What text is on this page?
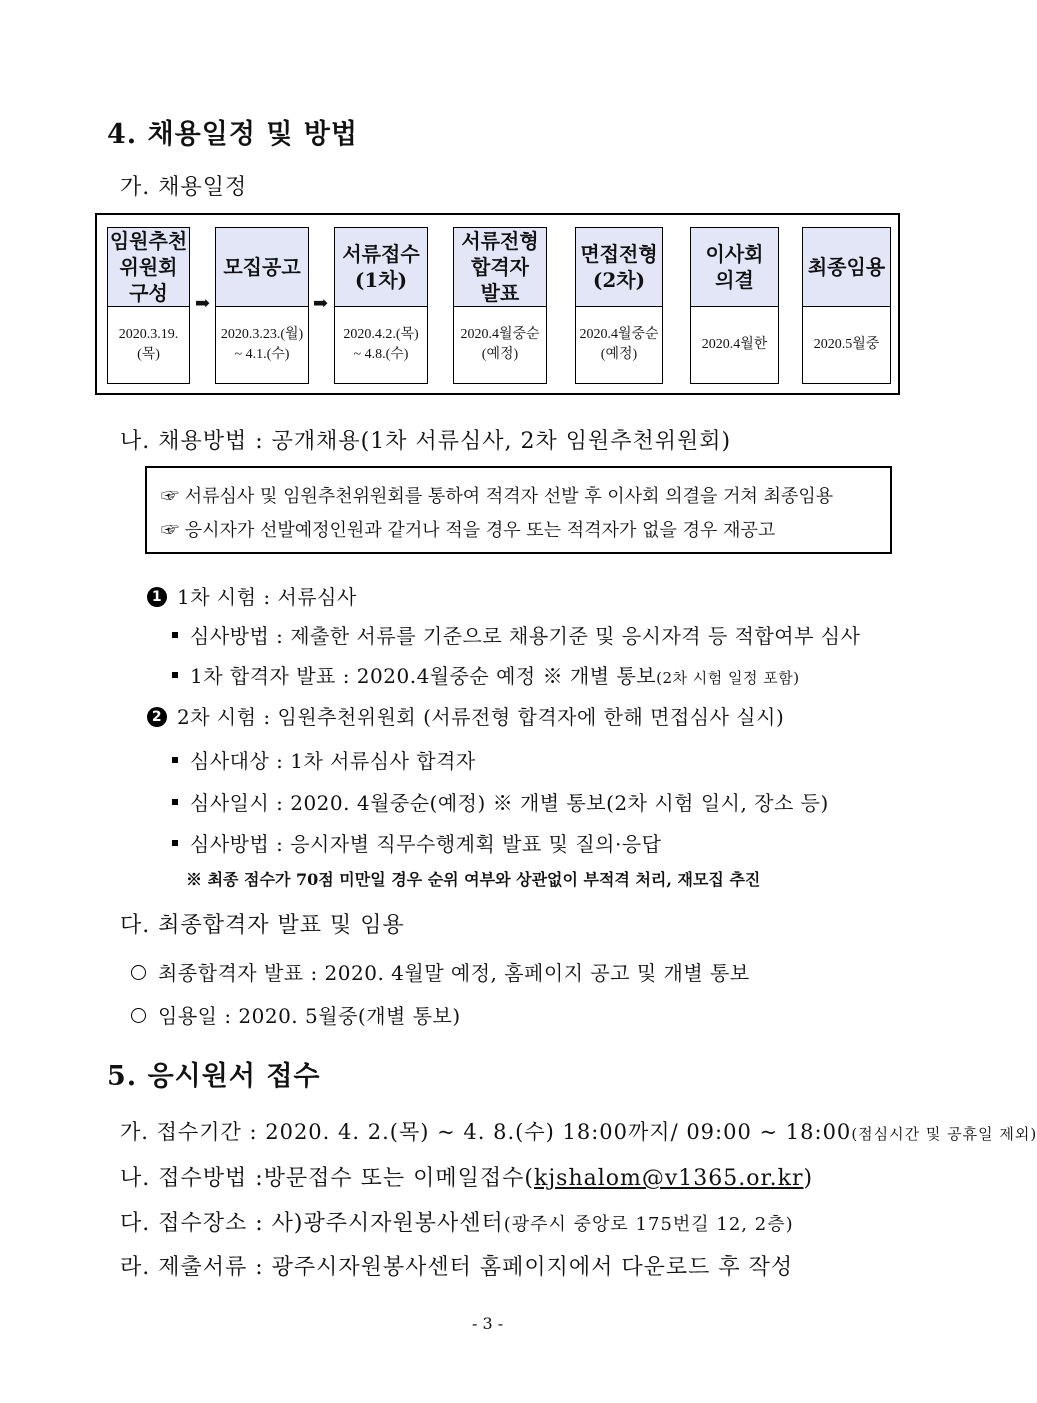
4. 채용일정 및 방법
가. 채용일정
임원추천
위원회
구성
2020.3.19.(목)
➡
모집공고
2020.3.23.(월)
~ 4.1.(수)
➡
서류접수
(1차)
2020.4.2.(목)
~ 4.8.(수)
서류전형
합격자
발표
2020.4월중순
(예정)
면접전형
(2차)
2020.4월중순
(예정)
이사회
의결
2020.4월한
최종임용
2020.5월중
나. 채용방법 : 공개채용(1차 서류심사, 2차 임원추천위원회)
☞ 서류심사 및 임원추천위원회를 통하여 적격자 선발 후 이사회 의결을 거쳐 최종임용
☞ 응시자가 선발예정인원과 같거나 적을 경우 또는 적격자가 없을 경우 재공고
1 1차 시험 : 서류심사
심사방법 : 제출한 서류를 기준으로 채용기준 및 응시자격 등 적합여부 심사
1차 합격자 발표 : 2020.4월중순 예정 ※ 개별 통보(2차 시험 일정 포함)
2 2차 시험 : 임원추천위원회 (서류전형 합격자에 한해 면접심사 실시)
심사대상 : 1차 서류심사 합격자
심사일시 : 2020. 4월중순(예정) ※ 개별 통보(2차 시험 일시, 장소 등)
심사방법 : 응시자별 직무수행계획 발표 및 질의·응답
※ 최종 점수가 70점 미만일 경우 순위 여부와 상관없이 부적격 처리, 재모집 추진
다. 최종합격자 발표 및 임용
최종합격자 발표 : 2020. 4월말 예정, 홈페이지 공고 및 개별 통보
임용일 : 2020. 5월중(개별 통보)
5. 응시원서 접수
가. 접수기간 : 2020. 4. 2.(목) ~ 4. 8.(수) 18:00까지/ 09:00 ~ 18:00(점심시간 및 공휴일 제외)
나. 접수방법 :방문접수 또는 이메일접수(kjshalom@v1365.or.kr)
다. 접수장소 : 사)광주시자원봉사센터(광주시 중앙로 175번길 12, 2층)
라. 제출서류 : 광주시자원봉사센터 홈페이지에서 다운로드 후 작성
- 3 -
